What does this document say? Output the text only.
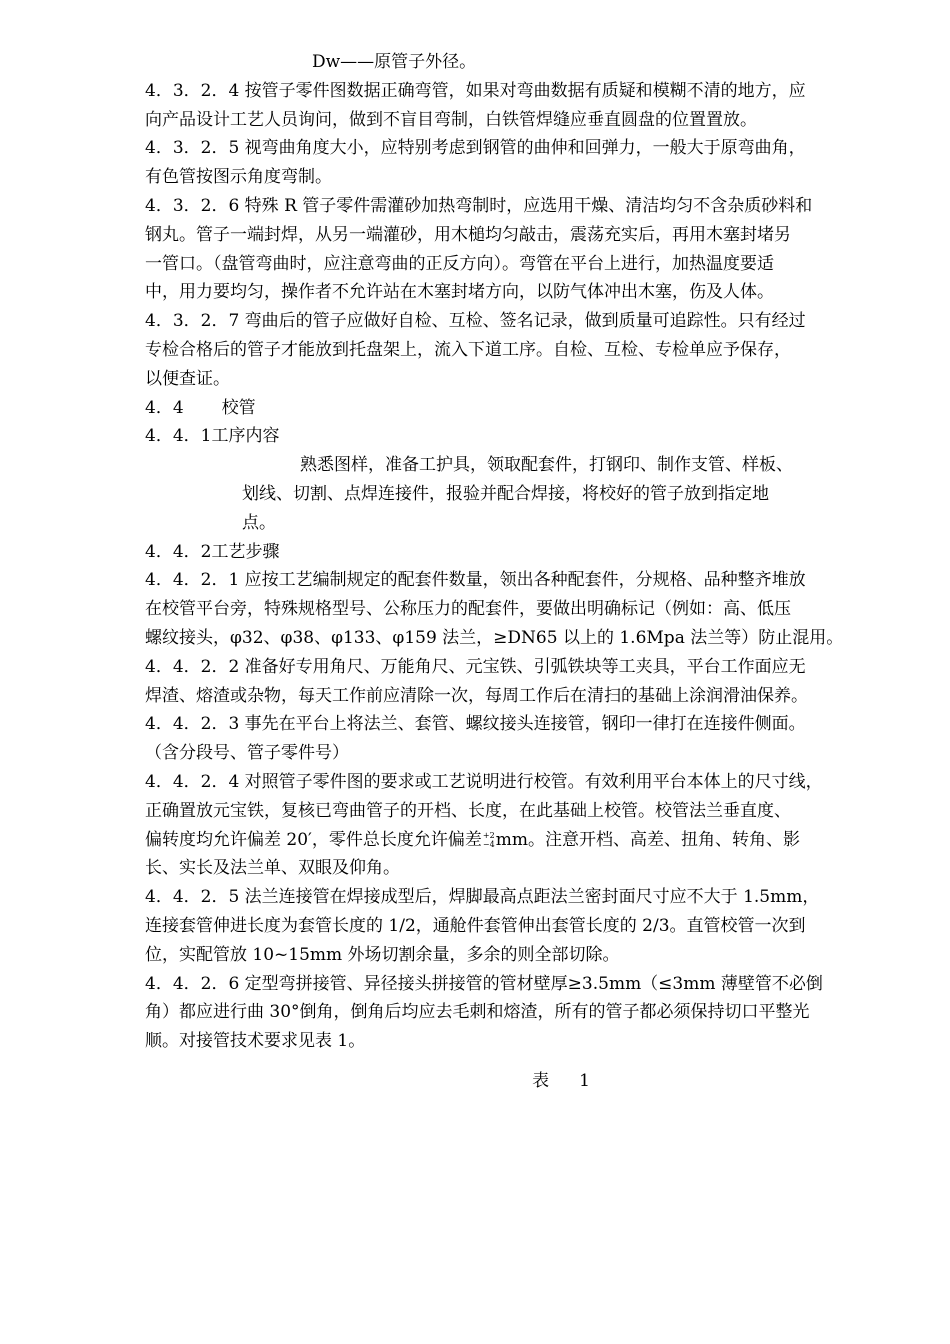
Dw——原管子外径。
4．3．2．4 按管子零件图数据正确弯管，如果对弯曲数据有质疑和模糊不清的地方，应
向产品设计工艺人员询问，做到不盲目弯制，白铁管焊缝应垂直圆盘的位置置放。
4．3．2．5 视弯曲角度大小，应特别考虑到钢管的曲伸和回弹力，一般大于原弯曲角，
有色管按图示角度弯制。
4．3．2．6 特殊 R 管子零件需灌砂加热弯制时，应选用干燥、清洁均匀不含杂质砂料和
钢丸。管子一端封焊，从另一端灌砂，用木槌均匀敲击，震荡充实后，再用木塞封堵另
一管口。（盘管弯曲时，应注意弯曲的正反方向）。弯管在平台上进行，加热温度要适
中，用力要均匀，操作者不允许站在木塞封堵方向，以防气体冲出木塞，伤及人体。
4．3．2．7 弯曲后的管子应做好自检、互检、签名记录，做到质量可追踪性。只有经过
专检合格后的管子才能放到托盘架上，流入下道工序。自检、互检、专检单应予保存，
以便查证。
4．4 校管
4．4．1工序内容
熟悉图样，准备工护具，领取配套件，打钢印、制作支管、样板、
划线、切割、点焊连接件，报验并配合焊接，将校好的管子放到指定地
点。
4．4．2工艺步骤
4．4．2．1 应按工艺编制规定的配套件数量，领出各种配套件，分规格、品种整齐堆放
在校管平台旁，特殊规格型号、公称压力的配套件，要做出明确标记（例如：高、低压
螺纹接头，φ32、φ38、φ133、φ159 法兰，≥DN65 以上的 1.6Mpa 法兰等）防止混用。
4．4．2．2 准备好专用角尺、万能角尺、元宝铁、引弧铁块等工夹具，平台工作面应无
焊渣、熔渣或杂物，每天工作前应清除一次，每周工作后在清扫的基础上涂润滑油保养。
4．4．2．3 事先在平台上将法兰、套管、螺纹接头连接管，钢印一律打在连接件侧面。
（含分段号、管子零件号）
4．4．2．4 对照管子零件图的要求或工艺说明进行校管。有效利用平台本体上的尺寸线，
正确置放元宝铁，复核已弯曲管子的开档、长度，在此基础上校管。校管法兰垂直度、
偏转度均允许偏差 20′，零件总长度允许偏差 +2
−4 mm。注意开档、高差、扭角、转角、影
长、实长及法兰单、双眼及仰角。
4．4．2．5 法兰连接管在焊接成型后，焊脚最高点距法兰密封面尺寸应不大于 1.5mm，
连接套管伸进长度为套管长度的 1/2，通舱件套管伸出套管长度的 2/3。直管校管一次到
位，实配管放 10~15mm 外场切割余量，多余的则全部切除。
4．4．2．6 定型弯拼接管、异径接头拼接管的管材壁厚≥3.5mm（≤3mm 薄壁管不必倒
角）都应进行曲 30°倒角，倒角后均应去毛刺和熔渣，所有的管子都必须保持切口平整光
顺。对接管技术要求见表 1。
表 1
